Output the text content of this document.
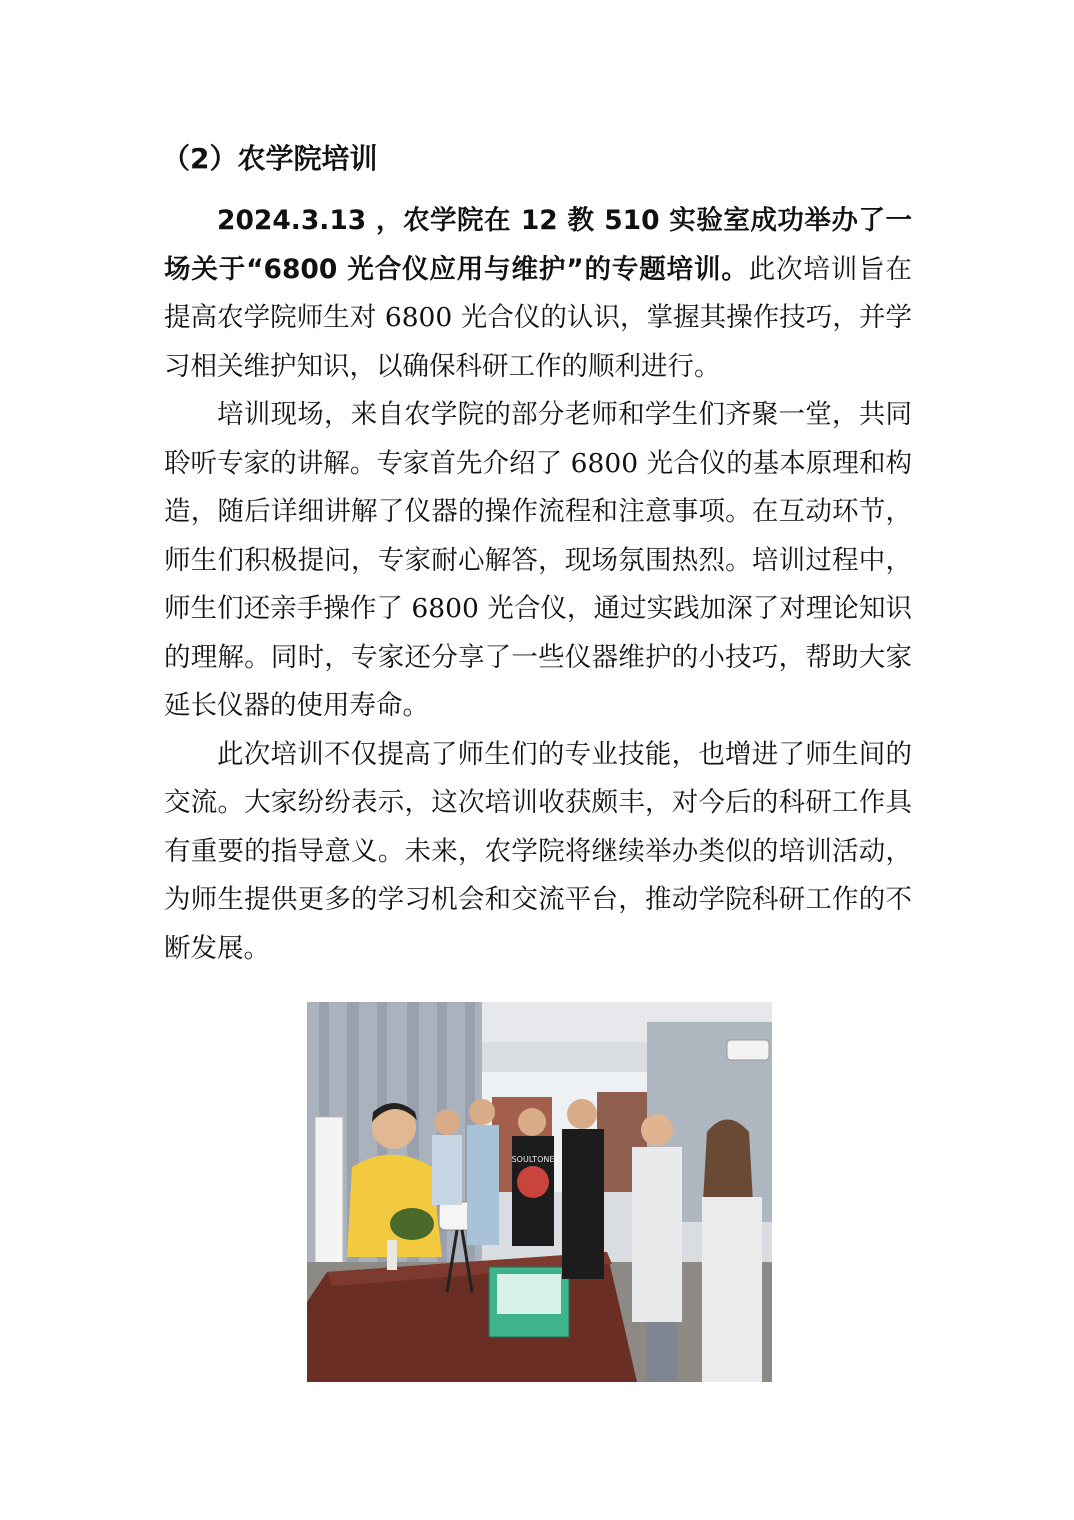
（2）农学院培训

2024.3.13 ，农学院在 12 教 510 实验室成功举办了一场关于“6800 光合仪应用与维护”的专题培训。此次培训旨在提高农学院师生对 6800 光合仪的认识，掌握其操作技巧，并学习相关维护知识，以确保科研工作的顺利进行。

培训现场，来自农学院的部分老师和学生们齐聚一堂，共同聆听专家的讲解。专家首先介绍了 6800 光合仪的基本原理和构造，随后详细讲解了仪器的操作流程和注意事项。在互动环节，师生们积极提问，专家耐心解答，现场氛围热烈。培训过程中，师生们还亲手操作了 6800 光合仪，通过实践加深了对理论知识的理解。同时，专家还分享了一些仪器维护的小技巧，帮助大家延长仪器的使用寿命。

此次培训不仅提高了师生们的专业技能，也增进了师生间的交流。大家纷纷表示，这次培训收获颇丰，对今后的科研工作具有重要的指导意义。未来，农学院将继续举办类似的培训活动，为师生提供更多的学习机会和交流平台，推动学院科研工作的不断发展。

SOULTONE
